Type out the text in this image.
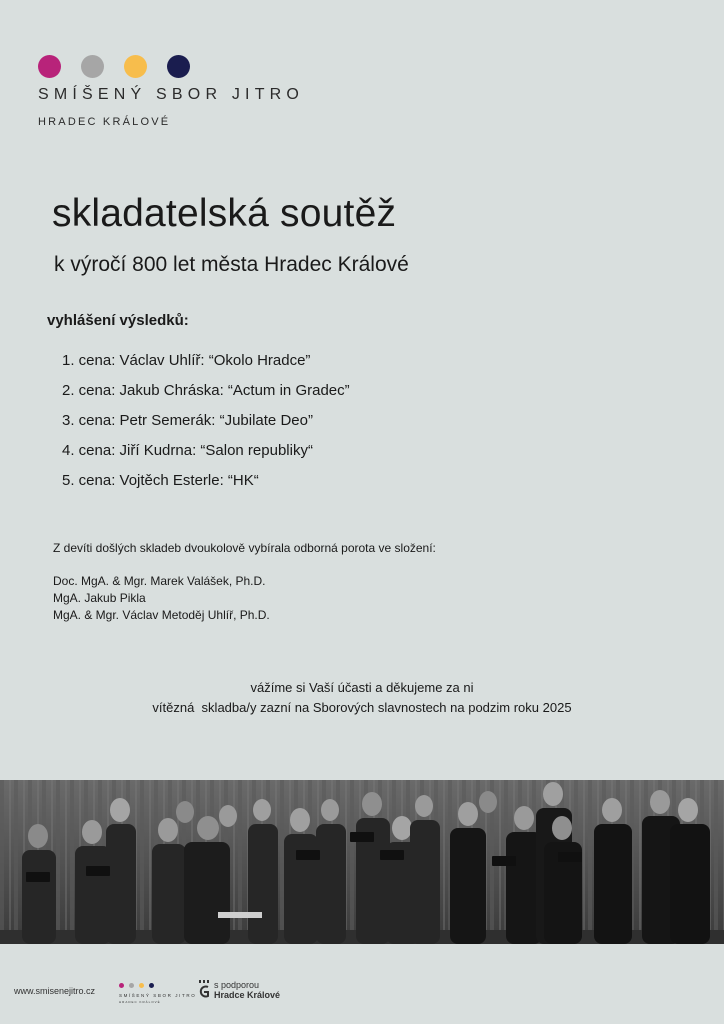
SMÍŠENÝ SBOR JITRO
HRADEC KRÁLOVÉ
skladatelská soutěž
k výročí 800 let města Hradec Králové
vyhlášení výsledků:
1. cena: Václav Uhlíř: “Okolo Hradce”
2. cena: Jakub Chráska: “Actum in Gradec”
3. cena: Petr Semerák: “Jubilate Deo”
4. cena: Jiří Kudrna: “Salon republiky“
5. cena: Vojtěch Esterle: “HK“
Z devíti došlých skladeb dvoukolově vybírala odborná porota ve složení:
Doc. MgA. & Mgr. Marek Valášek, Ph.D.
MgA. Jakub Pikla
MgA. & Mgr. Václav Metoděj Uhlíř, Ph.D.
vážíme si Vaší účasti a děkujeme za ni
vítězná  skladba/y zazní na Sborových slavnostech na podzim roku 2025
www.smisenejitro.cz	SMÍŠENÝ SBOR JITRO
HRADEC KRÁLOVÉ
s podporou
Hradce Králové
